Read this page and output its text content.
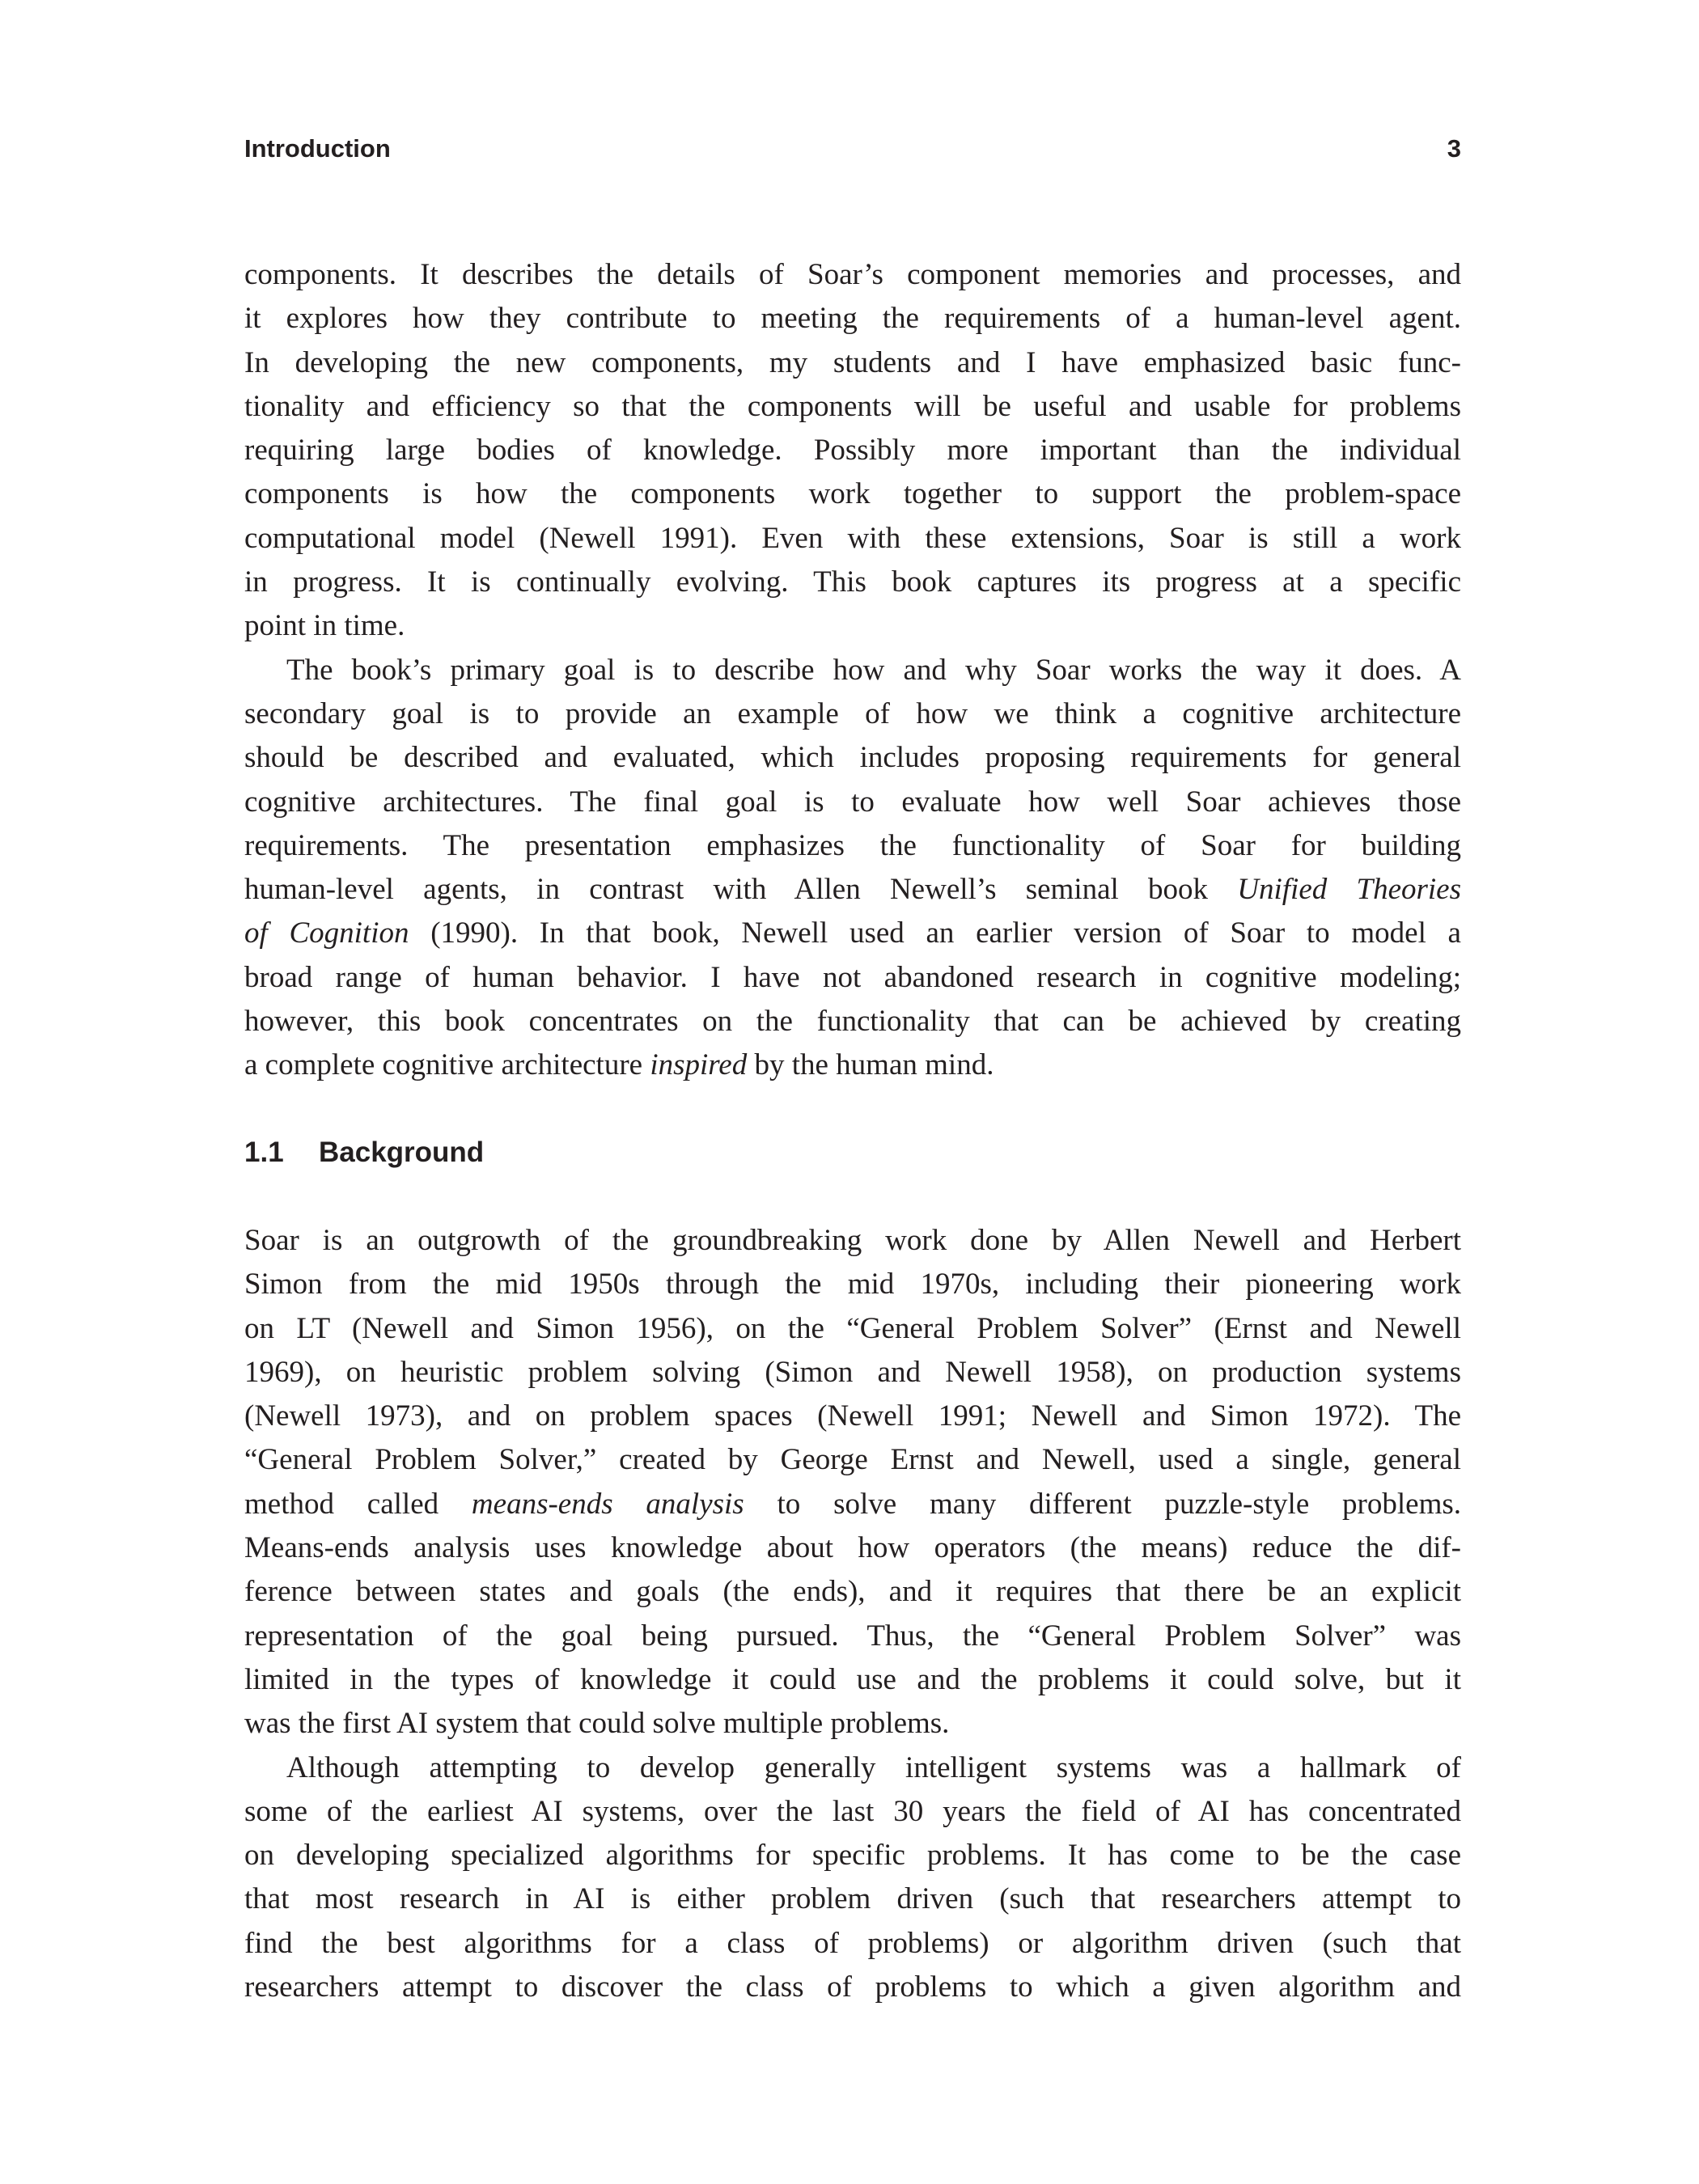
Introduction	3
components. It describes the details of Soar’s component memories and processes, and
it explores how they contribute to meeting the requirements of a human-level agent.
In developing the new components, my students and I have emphasized basic func-
tionality and efficiency so that the components will be useful and usable for problems
requiring large bodies of knowledge. Possibly more important than the individual
components is how the components work together to support the problem-space
computational model (Newell 1991). Even with these extensions, Soar is still a work
in progress. It is continually evolving. This book captures its progress at a specific
point in time.
The book’s primary goal is to describe how and why Soar works the way it does. A
secondary goal is to provide an example of how we think a cognitive architecture
should be described and evaluated, which includes proposing requirements for general
cognitive architectures. The final goal is to evaluate how well Soar achieves those
requirements. The presentation emphasizes the functionality of Soar for building
human-level agents, in contrast with Allen Newell’s seminal book Unified Theories
of Cognition (1990). In that book, Newell used an earlier version of Soar to model a
broad range of human behavior. I have not abandoned research in cognitive modeling;
however, this book concentrates on the functionality that can be achieved by creating
a complete cognitive architecture inspired by the human mind.
1.1 Background
Soar is an outgrowth of the groundbreaking work done by Allen Newell and Herbert
Simon from the mid 1950s through the mid 1970s, including their pioneering work
on LT (Newell and Simon 1956), on the “General Problem Solver” (Ernst and Newell
1969), on heuristic problem solving (Simon and Newell 1958), on production systems
(Newell 1973), and on problem spaces (Newell 1991; Newell and Simon 1972). The
“General Problem Solver,” created by George Ernst and Newell, used a single, general
method called means-ends analysis to solve many different puzzle-style problems.
Means-ends analysis uses knowledge about how operators (the means) reduce the dif-
ference between states and goals (the ends), and it requires that there be an explicit
representation of the goal being pursued. Thus, the “General Problem Solver” was
limited in the types of knowledge it could use and the problems it could solve, but it
was the first AI system that could solve multiple problems.
Although attempting to develop generally intelligent systems was a hallmark of
some of the earliest AI systems, over the last 30 years the field of AI has concentrated
on developing specialized algorithms for specific problems. It has come to be the case
that most research in AI is either problem driven (such that researchers attempt to
find the best algorithms for a class of problems) or algorithm driven (such that
researchers attempt to discover the class of problems to which a given algorithm and
